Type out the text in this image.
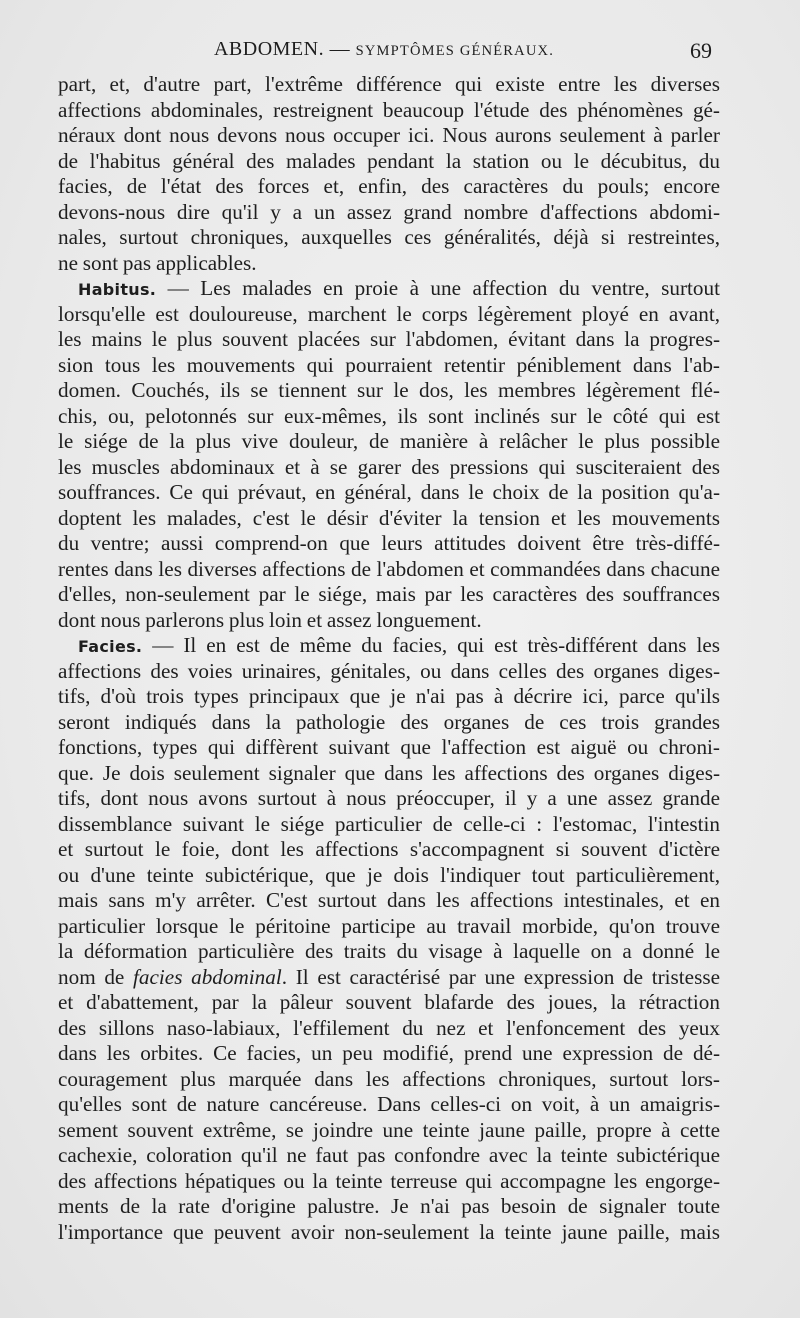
ABDOMEN. — SYMPTÔMES GÉNÉRAUX.	69
part, et, d'autre part, l'extrême différence qui existe entre les diverses
affections abdominales, restreignent beaucoup l'étude des phénomènes gé-
néraux dont nous devons nous occuper ici. Nous aurons seulement à parler
de l'habitus général des malades pendant la station ou le décubitus, du
facies, de l'état des forces et, enfin, des caractères du pouls; encore
devons-nous dire qu'il y a un assez grand nombre d'affections abdomi-
nales, surtout chroniques, auxquelles ces généralités, déjà si restreintes,
ne sont pas applicables.
Habitus. — Les malades en proie à une affection du ventre, surtout
lorsqu'elle est douloureuse, marchent le corps légèrement ployé en avant,
les mains le plus souvent placées sur l'abdomen, évitant dans la progres-
sion tous les mouvements qui pourraient retentir péniblement dans l'ab-
domen. Couchés, ils se tiennent sur le dos, les membres légèrement flé-
chis, ou, pelotonnés sur eux-mêmes, ils sont inclinés sur le côté qui est
le siége de la plus vive douleur, de manière à relâcher le plus possible
les muscles abdominaux et à se garer des pressions qui susciteraient des
souffrances. Ce qui prévaut, en général, dans le choix de la position qu'a-
doptent les malades, c'est le désir d'éviter la tension et les mouvements
du ventre; aussi comprend-on que leurs attitudes doivent être très-diffé-
rentes dans les diverses affections de l'abdomen et commandées dans chacune
d'elles, non-seulement par le siége, mais par les caractères des souffrances
dont nous parlerons plus loin et assez longuement.
Facies. — Il en est de même du facies, qui est très-différent dans les
affections des voies urinaires, génitales, ou dans celles des organes diges-
tifs, d'où trois types principaux que je n'ai pas à décrire ici, parce qu'ils
seront indiqués dans la pathologie des organes de ces trois grandes
fonctions, types qui diffèrent suivant que l'affection est aiguë ou chroni-
que. Je dois seulement signaler que dans les affections des organes diges-
tifs, dont nous avons surtout à nous préoccuper, il y a une assez grande
dissemblance suivant le siége particulier de celle-ci : l'estomac, l'intestin
et surtout le foie, dont les affections s'accompagnent si souvent d'ictère
ou d'une teinte subictérique, que je dois l'indiquer tout particulièrement,
mais sans m'y arrêter. C'est surtout dans les affections intestinales, et en
particulier lorsque le péritoine participe au travail morbide, qu'on trouve
la déformation particulière des traits du visage à laquelle on a donné le
nom de facies abdominal. Il est caractérisé par une expression de tristesse
et d'abattement, par la pâleur souvent blafarde des joues, la rétraction
des sillons naso-labiaux, l'effilement du nez et l'enfoncement des yeux
dans les orbites. Ce facies, un peu modifié, prend une expression de dé-
couragement plus marquée dans les affections chroniques, surtout lors-
qu'elles sont de nature cancéreuse. Dans celles-ci on voit, à un amaigris-
sement souvent extrême, se joindre une teinte jaune paille, propre à cette
cachexie, coloration qu'il ne faut pas confondre avec la teinte subictérique
des affections hépatiques ou la teinte terreuse qui accompagne les engorge-
ments de la rate d'origine palustre. Je n'ai pas besoin de signaler toute
l'importance que peuvent avoir non-seulement la teinte jaune paille, mais
